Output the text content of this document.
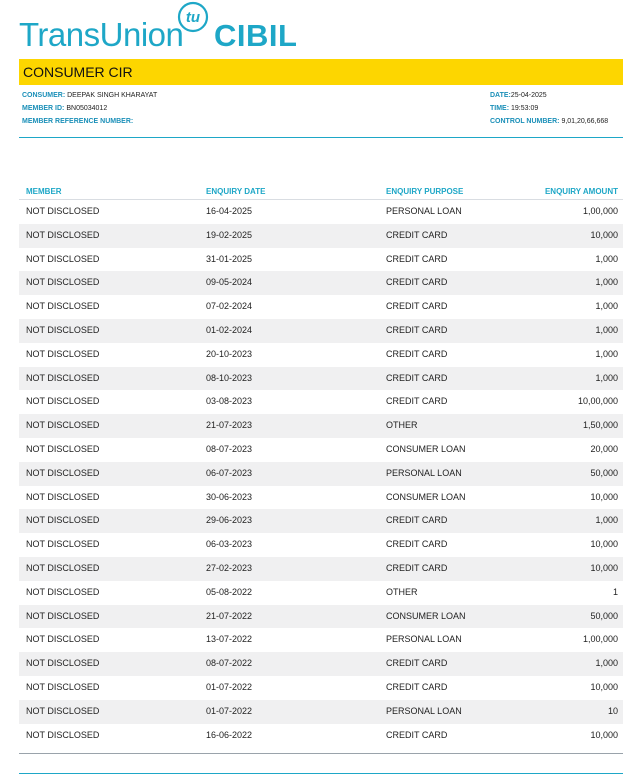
TransUnion tu
CIBIL
CONSUMER CIR
CONSUMER: DEEPAK SINGH KHARAYAT
MEMBER ID: BN05034012
MEMBER REFERENCE NUMBER:
DATE:25-04-2025
TIME: 19:53:09
CONTROL NUMBER: 9,01,20,66,668
MEMBER	ENQUIRY DATE	ENQUIRY PURPOSE	ENQUIRY AMOUNT
NOT DISCLOSED	16-04-2025	PERSONAL LOAN	1,00,000
NOT DISCLOSED	19-02-2025	CREDIT CARD	10,000
NOT DISCLOSED	31-01-2025	CREDIT CARD	1,000
NOT DISCLOSED	09-05-2024	CREDIT CARD	1,000
NOT DISCLOSED	07-02-2024	CREDIT CARD	1,000
NOT DISCLOSED	01-02-2024	CREDIT CARD	1,000
NOT DISCLOSED	20-10-2023	CREDIT CARD	1,000
NOT DISCLOSED	08-10-2023	CREDIT CARD	1,000
NOT DISCLOSED	03-08-2023	CREDIT CARD	10,00,000
NOT DISCLOSED	21-07-2023	OTHER	1,50,000
NOT DISCLOSED	08-07-2023	CONSUMER LOAN	20,000
NOT DISCLOSED	06-07-2023	PERSONAL LOAN	50,000
NOT DISCLOSED	30-06-2023	CONSUMER LOAN	10,000
NOT DISCLOSED	29-06-2023	CREDIT CARD	1,000
NOT DISCLOSED	06-03-2023	CREDIT CARD	10,000
NOT DISCLOSED	27-02-2023	CREDIT CARD	10,000
NOT DISCLOSED	05-08-2022	OTHER	1
NOT DISCLOSED	21-07-2022	CONSUMER LOAN	50,000
NOT DISCLOSED	13-07-2022	PERSONAL LOAN	1,00,000
NOT DISCLOSED	08-07-2022	CREDIT CARD	1,000
NOT DISCLOSED	01-07-2022	CREDIT CARD	10,000
NOT DISCLOSED	01-07-2022	PERSONAL LOAN	10
NOT DISCLOSED	16-06-2022	CREDIT CARD	10,000
